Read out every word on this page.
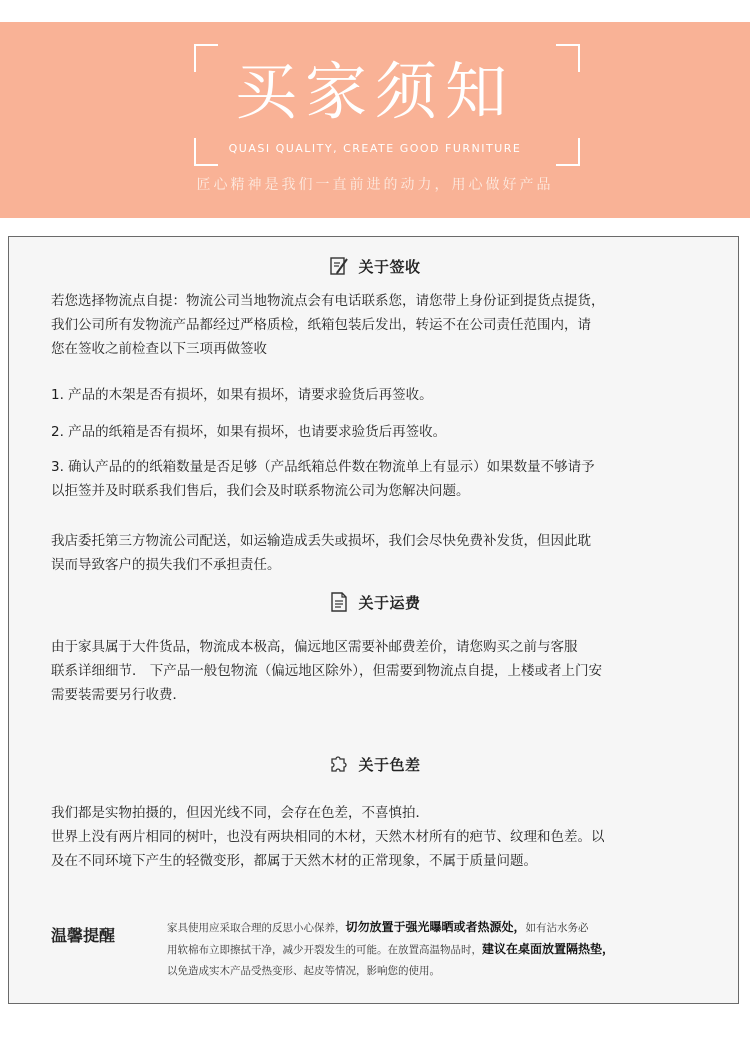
买家须知
QUASI QUALITY, CREATE GOOD FURNITURE
匠心精神是我们一直前进的动力，用心做好产品
关于签收
若您选择物流点自提：物流公司当地物流点会有电话联系您，请您带上身份证到提货点提货，
我们公司所有发物流产品都经过严格质检，纸箱包装后发出，转运不在公司责任范围内，请
您在签收之前检查以下三项再做签收
1. 产品的木架是否有损坏，如果有损坏，请要求验货后再签收。
2. 产品的纸箱是否有损坏，如果有损坏，也请要求验货后再签收。
3. 确认产品的的纸箱数量是否足够（产品纸箱总件数在物流单上有显示）如果数量不够请予
以拒签并及时联系我们售后，我们会及时联系物流公司为您解决问题。
我店委托第三方物流公司配送，如运输造成丢失或损坏，我们会尽快免费补发货，但因此耽
误而导致客户的损失我们不承担责任。
关于运费
由于家具属于大件货品，物流成本极高，偏远地区需要补邮费差价，请您购买之前与客服
联系详细细节． 下产品一般包物流（偏远地区除外），但需要到物流点自提，上楼或者上门安
需要装需要另行收费．
关于色差
我们都是实物拍摄的，但因光线不同，会存在色差，不喜慎拍．
世界上没有两片相同的树叶，也没有两块相同的木材，天然木材所有的疤节、纹理和色差。以
及在不同环境下产生的轻微变形，都属于天然木材的正常现象，不属于质量问题。
温馨提醒	家具使用应采取合理的反思小心保养，切勿放置于强光曝晒或者热源处，如有沾水务必
用软棉布立即擦拭干净，减少开裂发生的可能。在放置高温物品时，建议在桌面放置隔热垫，
以免造成实木产品受热变形、起皮等情况，影响您的使用。
